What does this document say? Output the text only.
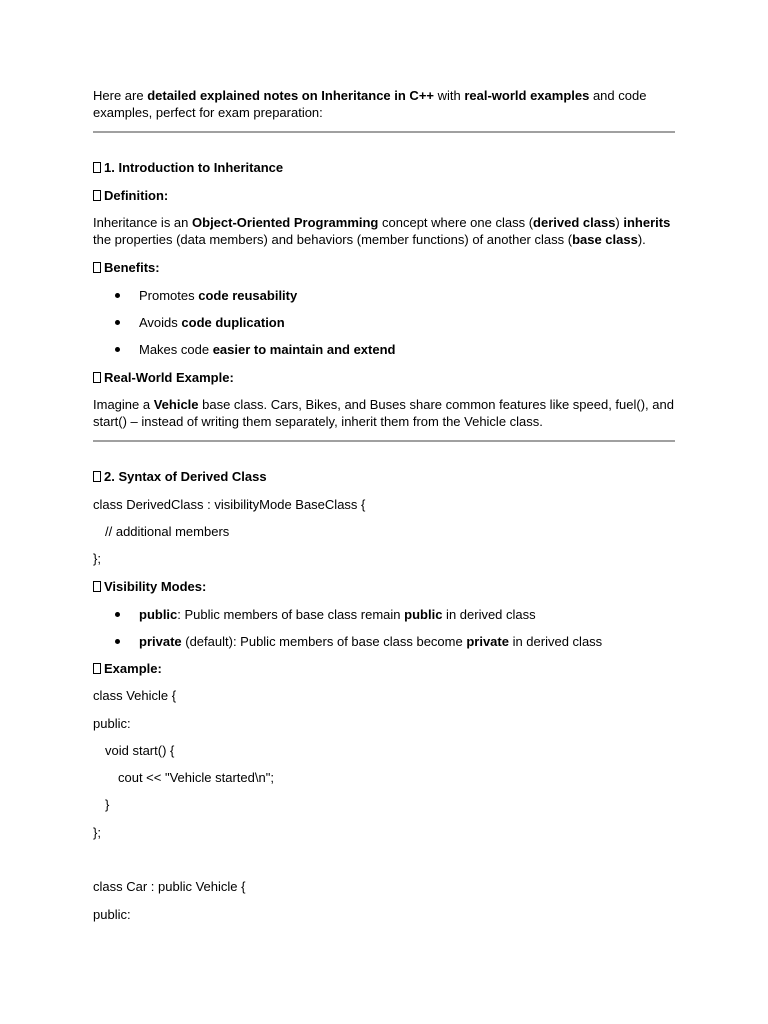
Here are detailed explained notes on Inheritance in C++ with real-world examples and code examples, perfect for exam preparation:
1. Introduction to Inheritance
Definition:
Inheritance is an Object-Oriented Programming concept where one class (derived class) inherits the properties (data members) and behaviors (member functions) of another class (base class).
Benefits:
Promotes code reusability
Avoids code duplication
Makes code easier to maintain and extend
Real-World Example:
Imagine a Vehicle base class. Cars, Bikes, and Buses share common features like speed, fuel(), and start() – instead of writing them separately, inherit them from the Vehicle class.
2. Syntax of Derived Class
class DerivedClass : visibilityMode BaseClass {
// additional members
};
Visibility Modes:
public: Public members of base class remain public in derived class
private (default): Public members of base class become private in derived class
Example:
class Vehicle {
public:
void start() {
cout << "Vehicle started\n";
}
};
class Car : public Vehicle {
public:
